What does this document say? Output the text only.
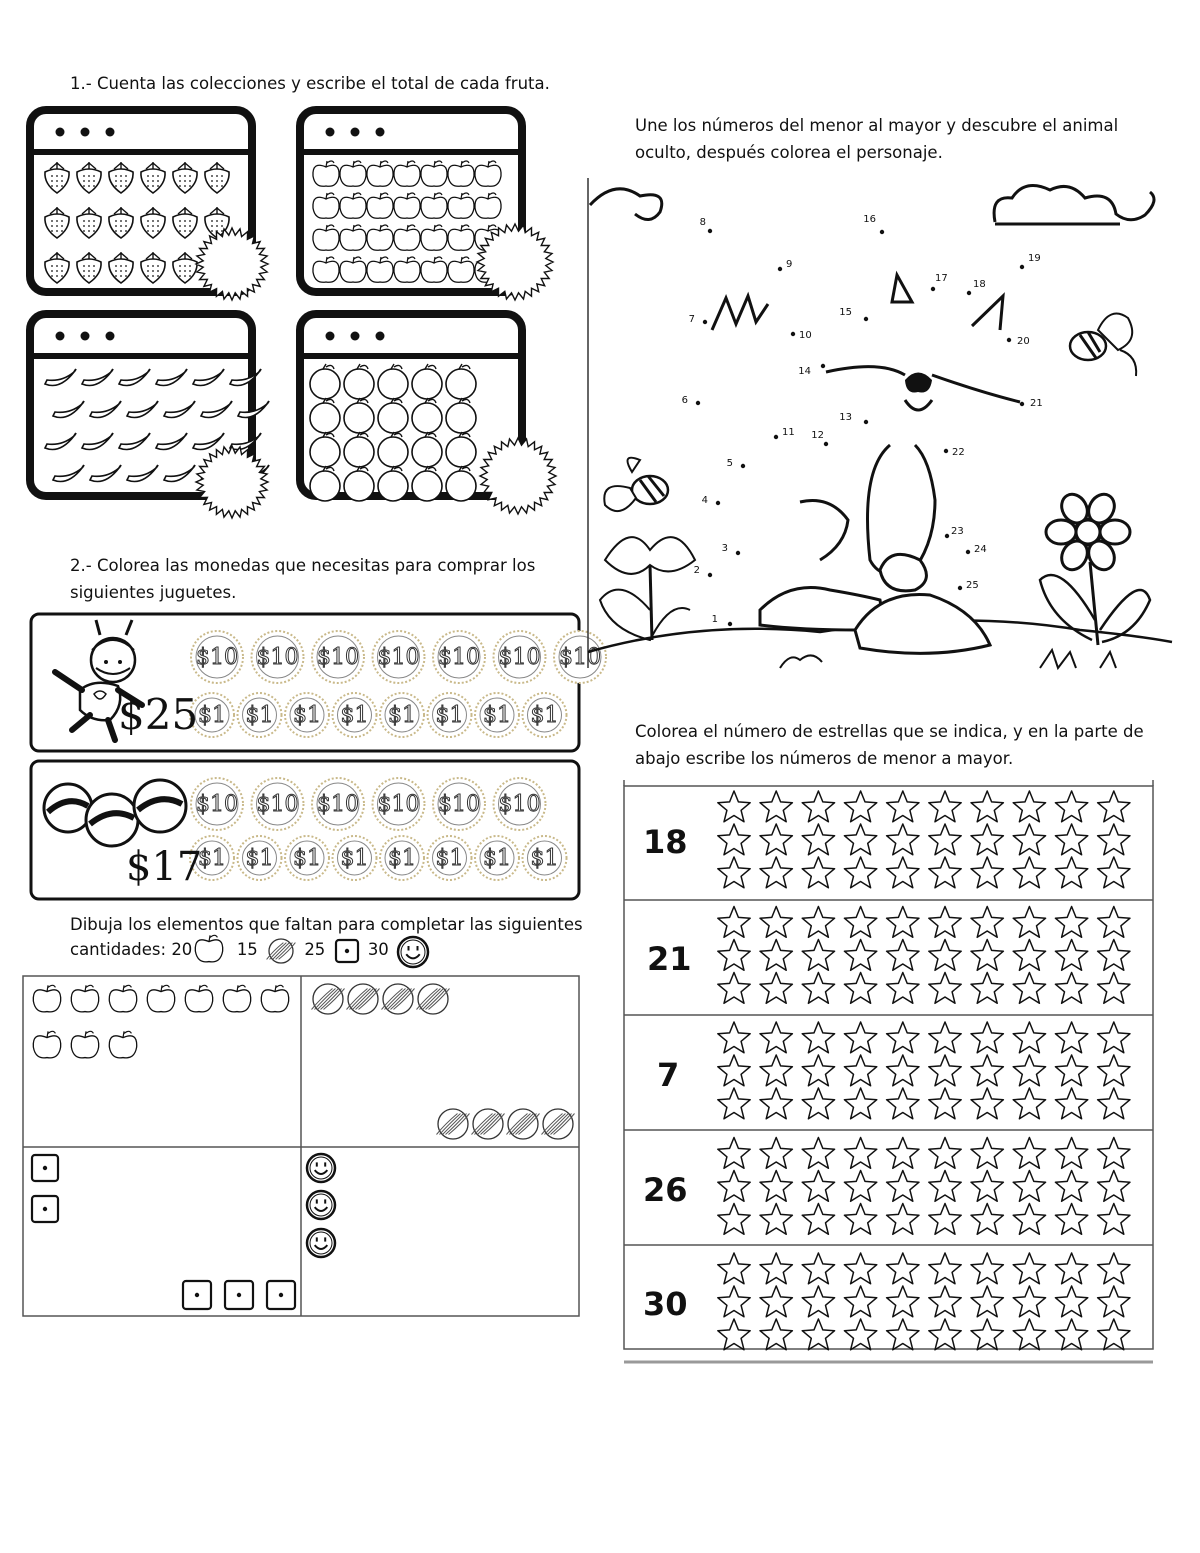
1.- Cuenta las colecciones y escribe el total de cada fruta.
2.- Colorea las monedas que necesitas para comprar los
siguientes juguetes.
$10 $10 $10 $10 $10 $10 $10
$1 $1 $1 $1 $1 $1 $1 $1
$10 $10 $10 $10 $10 $10
$1 $1 $1 $1 $1 $1 $1 $1
$25
$17
Dibuja los elementos que faltan para completar las siguientes
cantidades: 20	15	25	30
Une los números del menor al mayor y descubre el animal
oculto, después colorea el personaje.
1
2
3
4
5
6
7
8
9
10
11 12
13
14
15
16
17
18
19
20
21
22
23
24
25
Colorea el número de estrellas que se indica, y en la parte de
abajo escribe los números de menor a mayor.
18
21
7
26
30
